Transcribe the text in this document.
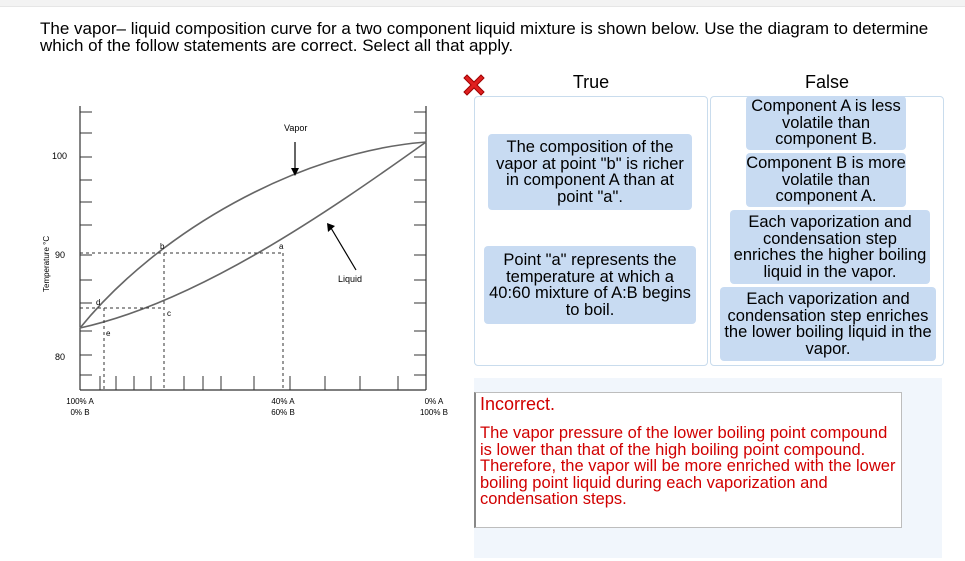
The vapor– liquid composition curve for a two component liquid mixture is shown below. Use the diagram to determine which of the follow statements are correct. Select all that apply.
Vapor
Liquid
b	a
c
d
e
100
90
80
Temperature °C
100% A
0% B
40% A
60% B
0% A
100% B
True	False
The composition of the vapor at point "b" is richer in component A than at point "a".
Point "a" represents the temperature at which a 40:60 mixture of A:B begins to boil.
Component A is less volatile than component B.
Component B is more volatile than component A.
Each vaporization and condensation step enriches the higher boiling liquid in the vapor.
Each vaporization and condensation step enriches the lower boiling liquid in the vapor.
Incorrect.
The vapor pressure of the lower boiling point compound is lower than that of the high boiling point compound. Therefore, the vapor will be more enriched with the lower boiling point liquid during each vaporization and condensation steps.
